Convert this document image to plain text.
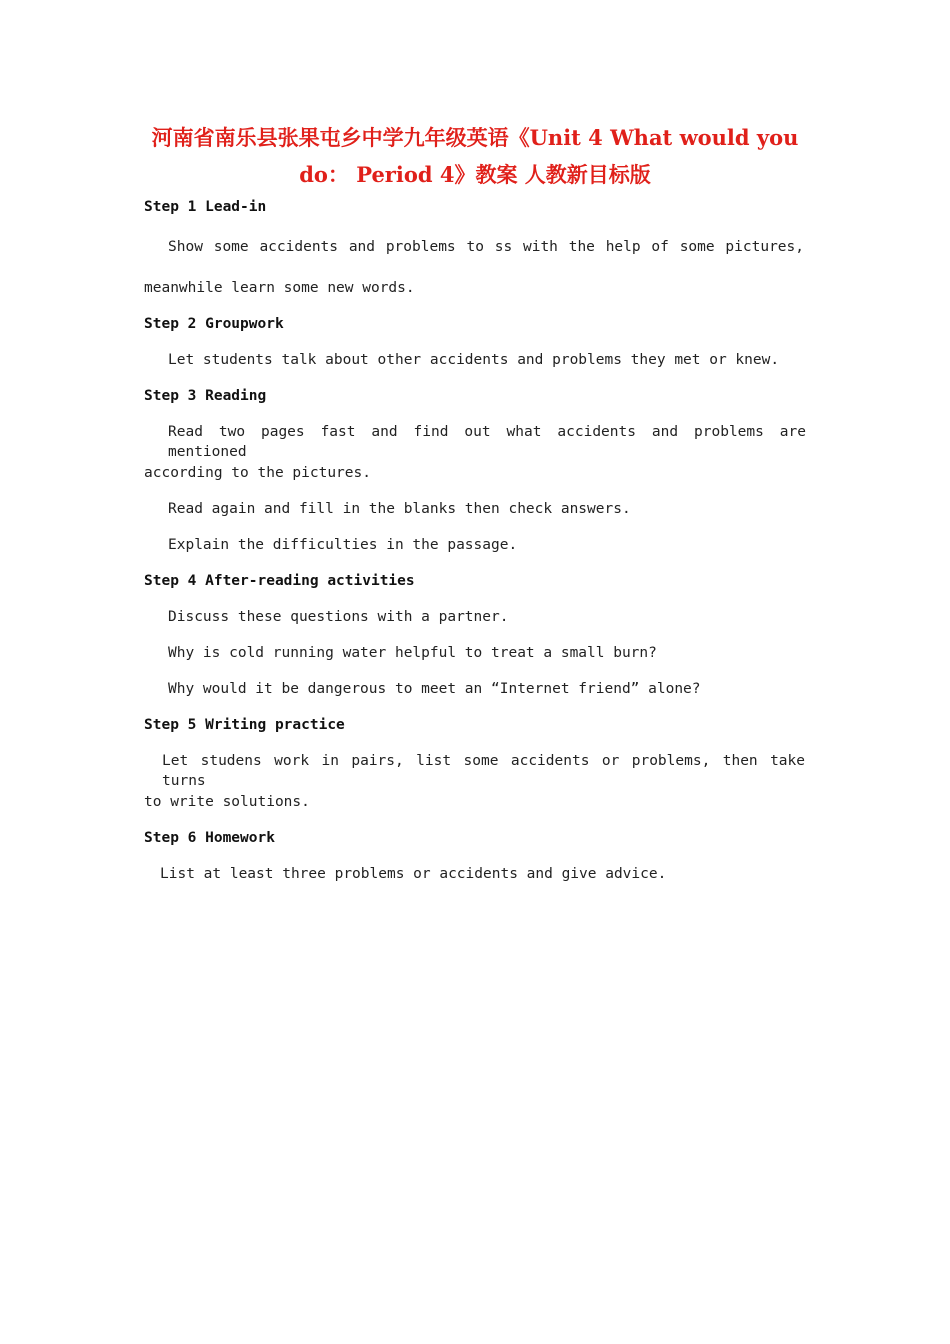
河南省南乐县张果屯乡中学九年级英语《Unit 4 What would you
do： Period 4》教案 人教新目标版
Step 1 Lead-in
Show some accidents and problems to ss with the help of some pictures,
meanwhile learn some new words.
Step 2 Groupwork
Let students talk about other accidents and problems they met or knew.
Step 3 Reading
Read two pages fast and find out what accidents and problems are mentioned
according to the pictures.
Read again and fill in the blanks then check answers.
Explain the difficulties in the passage.
Step 4 After-reading activities
Discuss these questions with a partner.
Why is cold running water helpful to treat a small burn?
Why would it be dangerous to meet an “Internet friend” alone?
Step 5 Writing practice
Let studens work in pairs, list some accidents or problems, then take turns
to write solutions.
Step 6 Homework
List at least three problems or accidents and give advice.
